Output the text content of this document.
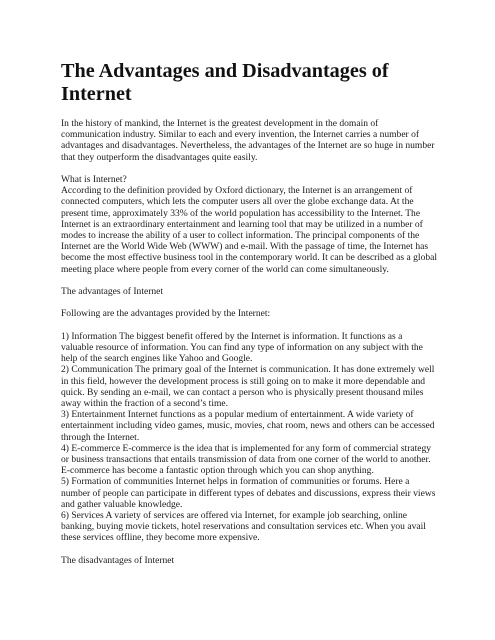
The Advantages and Disadvantages of Internet

In the history of mankind, the Internet is the greatest development in the domain of communication industry. Similar to each and every invention, the Internet carries a number of advantages and disadvantages. Nevertheless, the advantages of the Internet are so huge in number that they outperform the disadvantages quite easily.

What is Internet?

According to the definition provided by Oxford dictionary, the Internet is an arrangement of connected computers, which lets the computer users all over the globe exchange data. At the present time, approximately 33% of the world population has accessibility to the Internet. The Internet is an extraordinary entertainment and learning tool that may be utilized in a number of modes to increase the ability of a user to collect information. The principal components of the Internet are the World Wide Web (WWW) and e-mail. With the passage of time, the Internet has become the most effective business tool in the contemporary world. It can be described as a global meeting place where people from every corner of the world can come simultaneously.

The advantages of Internet

Following are the advantages provided by the Internet:

1) Information The biggest benefit offered by the Internet is information. It functions as a valuable resource of information. You can find any type of information on any subject with the help of the search engines like Yahoo and Google.

2) Communication The primary goal of the Internet is communication. It has done extremely well in this field, however the development process is still going on to make it more dependable and quick. By sending an e-mail, we can contact a person who is physically present thousand miles away within the fraction of a second’s time.

3) Entertainment Internet functions as a popular medium of entertainment. A wide variety of entertainment including video games, music, movies, chat room, news and others can be accessed through the Internet.

4) E-commerce E-commerce is the idea that is implemented for any form of commercial strategy or business transactions that entails transmission of data from one corner of the world to another. E-commerce has become a fantastic option through which you can shop anything.

5) Formation of communities Internet helps in formation of communities or forums. Here a number of people can participate in different types of debates and discussions, express their views and gather valuable knowledge.

6) Services A variety of services are offered via Internet, for example job searching, online banking, buying movie tickets, hotel reservations and consultation services etc. When you avail these services offline, they become more expensive.

The disadvantages of Internet
